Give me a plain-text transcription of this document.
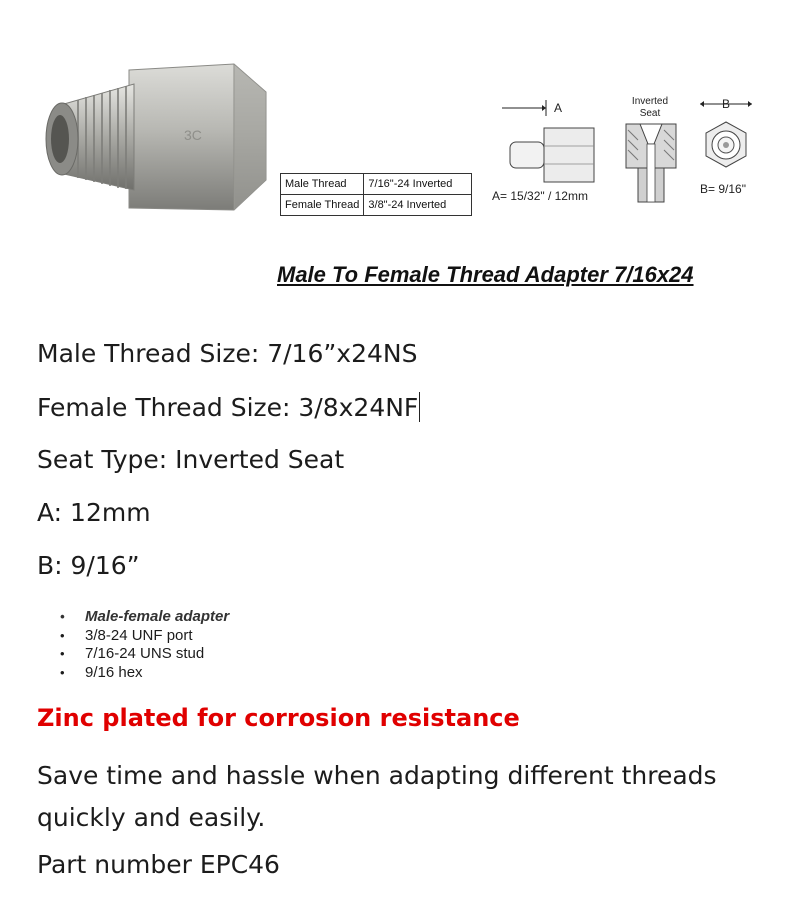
3C
Male Thread	7/16"-24 Inverted
Female Thread	3/8"-24 Inverted
A
A= 15/32" / 12mm
Inverted
Seat
B
B= 9/16"
Male To Female Thread Adapter 7/16x24
Male Thread Size: 7/16”x24NS
Female Thread Size: 3/8x24NF
Seat Type: Inverted Seat
A: 12mm
B: 9/16”
• Male-female adapter
• 3/8-24 UNF port
• 7/16-24 UNS stud
• 9/16 hex
Zinc plated for corrosion resistance
Save time and hassle when adapting different threads quickly and easily.
Part number EPC46
